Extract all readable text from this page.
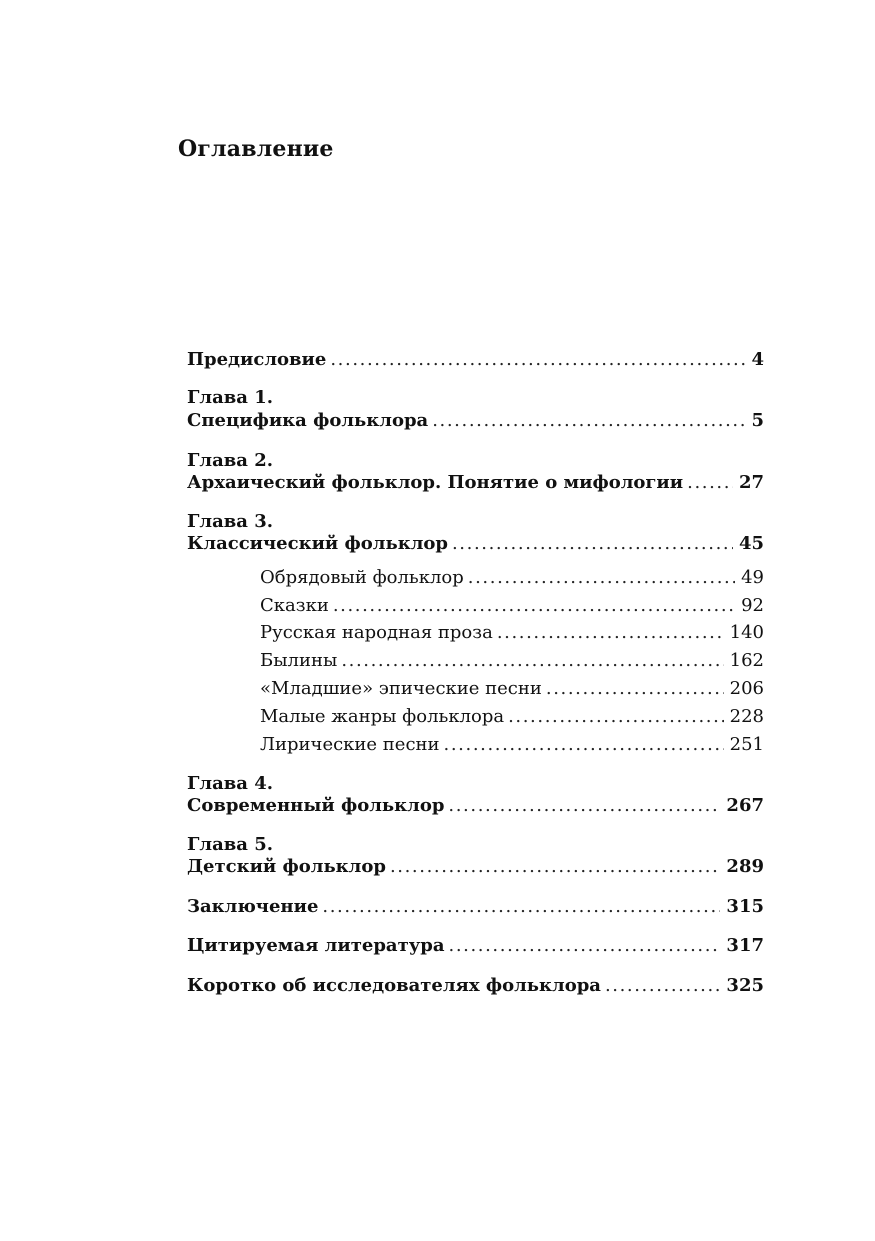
Оглавление
Предисловие .....	4
Глава 1.
Специфика фольклора .....	5
Глава 2.
Архаический фольклор. Понятие о мифологии .....	27
Глава 3.
Классический фольклор .....	45
Обрядовый фольклор .....	49
Сказки .....	92
Русская народная проза .....	140
Былины .....	162
«Младшие» эпические песни .....	206
Малые жанры фольклора .....	228
Лирические песни .....	251
Глава 4.
Современный фольклор .....	267
Глава 5.
Детский фольклор .....	289
Заключение .....	315
Цитируемая литература .....	317
Коротко об исследователях фольклора .....	325
